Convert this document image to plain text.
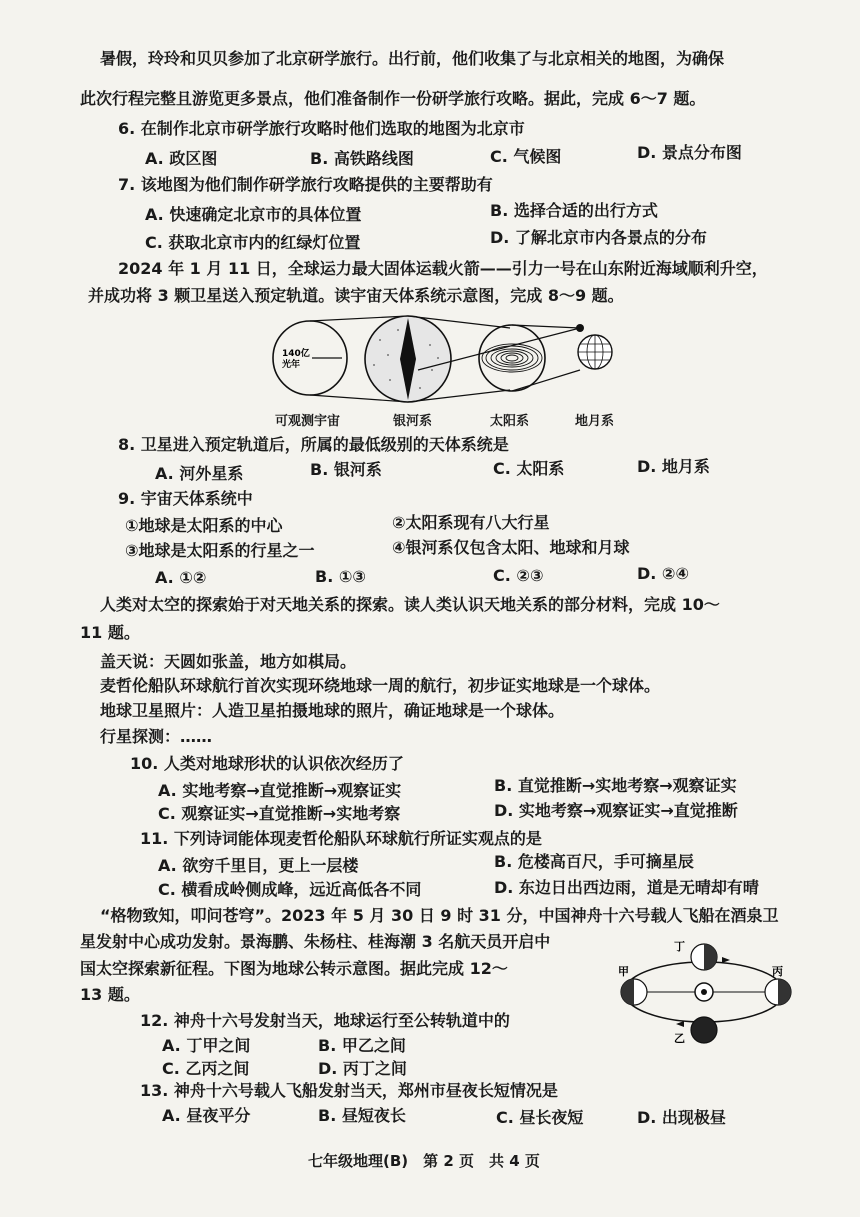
暑假，玲玲和贝贝参加了北京研学旅行。出行前，他们收集了与北京相关的地图，为确保
此次行程完整且游览更多景点，他们准备制作一份研学旅行攻略。据此，完成 6～7 题。
6. 在制作北京市研学旅行攻略时他们选取的地图为北京市
A. 政区图	B. 高铁路线图	C. 气候图	D. 景点分布图
7. 该地图为他们制作研学旅行攻略提供的主要帮助有
A. 快速确定北京市的具体位置	B. 选择合适的出行方式
C. 获取北京市内的红绿灯位置	D. 了解北京市内各景点的分布
2024 年 1 月 11 日，全球运力最大固体运载火箭——引力一号在山东附近海域顺利升空，
并成功将 3 颗卫星送入预定轨道。读宇宙天体系统示意图，完成 8～9 题。
140亿
光年
可观测宇宙	银河系	太阳系	地月系
8. 卫星进入预定轨道后，所属的最低级别的天体系统是
A. 河外星系	B. 银河系	C. 太阳系	D. 地月系
9. 宇宙天体系统中
①地球是太阳系的中心	②太阳系现有八大行星
③地球是太阳系的行星之一	④银河系仅包含太阳、地球和月球
A. ①②	B. ①③	C. ②③	D. ②④
人类对太空的探索始于对天地关系的探索。读人类认识天地关系的部分材料，完成 10～
11 题。
盖天说：天圆如张盖，地方如棋局。
麦哲伦船队环球航行首次实现环绕地球一周的航行，初步证实地球是一个球体。
地球卫星照片：人造卫星拍摄地球的照片，确证地球是一个球体。
行星探测：……
10. 人类对地球形状的认识依次经历了
A. 实地考察→直觉推断→观察证实	B. 直觉推断→实地考察→观察证实
C. 观察证实→直觉推断→实地考察	D. 实地考察→观察证实→直觉推断
11. 下列诗词能体现麦哲伦船队环球航行所证实观点的是
A. 欲穷千里目，更上一层楼	B. 危楼高百尺，手可摘星辰
C. 横看成岭侧成峰，远近高低各不同	D. 东边日出西边雨，道是无晴却有晴
“格物致知，叩问苍穹”。2023 年 5 月 30 日 9 时 31 分，中国神舟十六号载人飞船在酒泉卫
星发射中心成功发射。景海鹏、朱杨柱、桂海潮 3 名航天员开启中
国太空探索新征程。下图为地球公转示意图。据此完成 12～
13 题。
丁
甲	丙
乙
12. 神舟十六号发射当天，地球运行至公转轨道中的
A. 丁甲之间	B. 甲乙之间
C. 乙丙之间	D. 丙丁之间
13. 神舟十六号载人飞船发射当天，郑州市昼夜长短情况是
A. 昼夜平分	B. 昼短夜长	C. 昼长夜短	D. 出现极昼
七年级地理(B)　第 2 页　共 4 页
